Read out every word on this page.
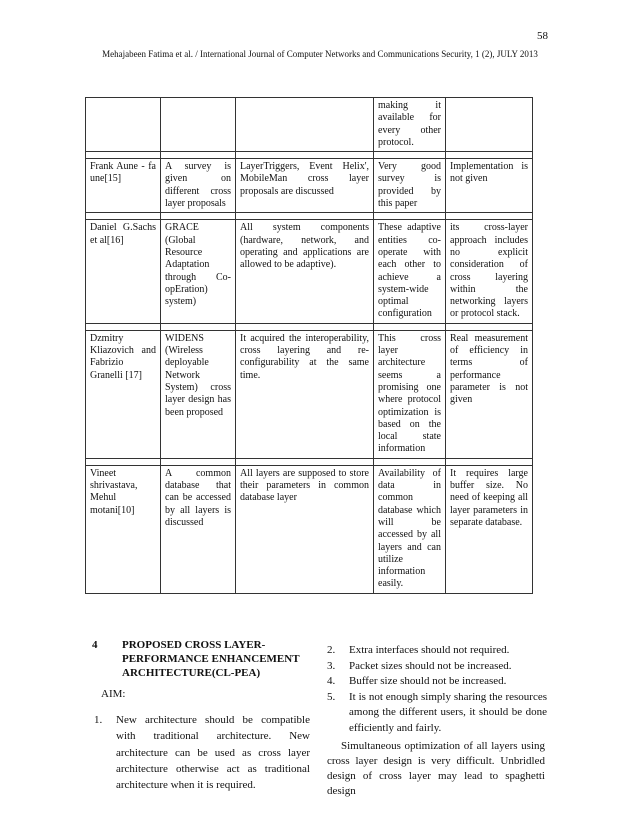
58
Mehajabeen Fatima et al. / International Journal of Computer Networks and Communications Security, 1 (2), JULY 2013
			making it available for every other protocol.	

Frank Aune - fa une[15]	A survey is given on different cross layer proposals	LayerTriggers, Event Helix', MobileMan cross layer proposals are discussed	Very good survey is provided by this paper	Implementation is not given

Daniel G.Sachs et al[16]	GRACE (Global Resource Adaptation through Co-opEration) system)	All system components (hardware, network, and operating and applications are allowed to be adaptive).	These adaptive entities co-operate with each other to achieve a system-wide optimal configuration	its cross-layer approach includes no explicit consideration of cross layering within the networking layers or protocol stack.

Dzmitry Kliazovich and Fabrizio Granelli [17]	WIDENS (Wireless deployable Network System) cross layer design has been proposed	It acquired the interoperability, cross layering and re-configurability at the same time.	This cross layer architecture seems a promising one where protocol optimization is based on the local state information	Real measurement of efficiency in terms of performance parameter is not given

Vineet shrivastava, Mehul motani[10]	A common database that can be accessed by all layers is discussed	All layers are supposed to store their parameters in common database layer	Availability of data in common database which will be accessed by all layers and can utilize information easily.	It requires large buffer size. No need of keeping all layer parameters in separate database.
4 PROPOSED CROSS LAYER-PERFORMANCE ENHANCEMENT ARCHITECTURE(CL-PEA)
AIM:
1.	New architecture should be compatible with traditional architecture. New architecture can be used as cross layer architecture otherwise act as traditional architecture when it is required.
2.	Extra interfaces should not required.
3.	Packet sizes should not be increased.
4.	Buffer size should not be increased.
5.	It is not enough simply sharing the resources among the different users, it should be done efficiently and fairly.
Simultaneous optimization of all layers using cross layer design is very difficult. Unbridled design of cross layer may lead to spaghetti design
